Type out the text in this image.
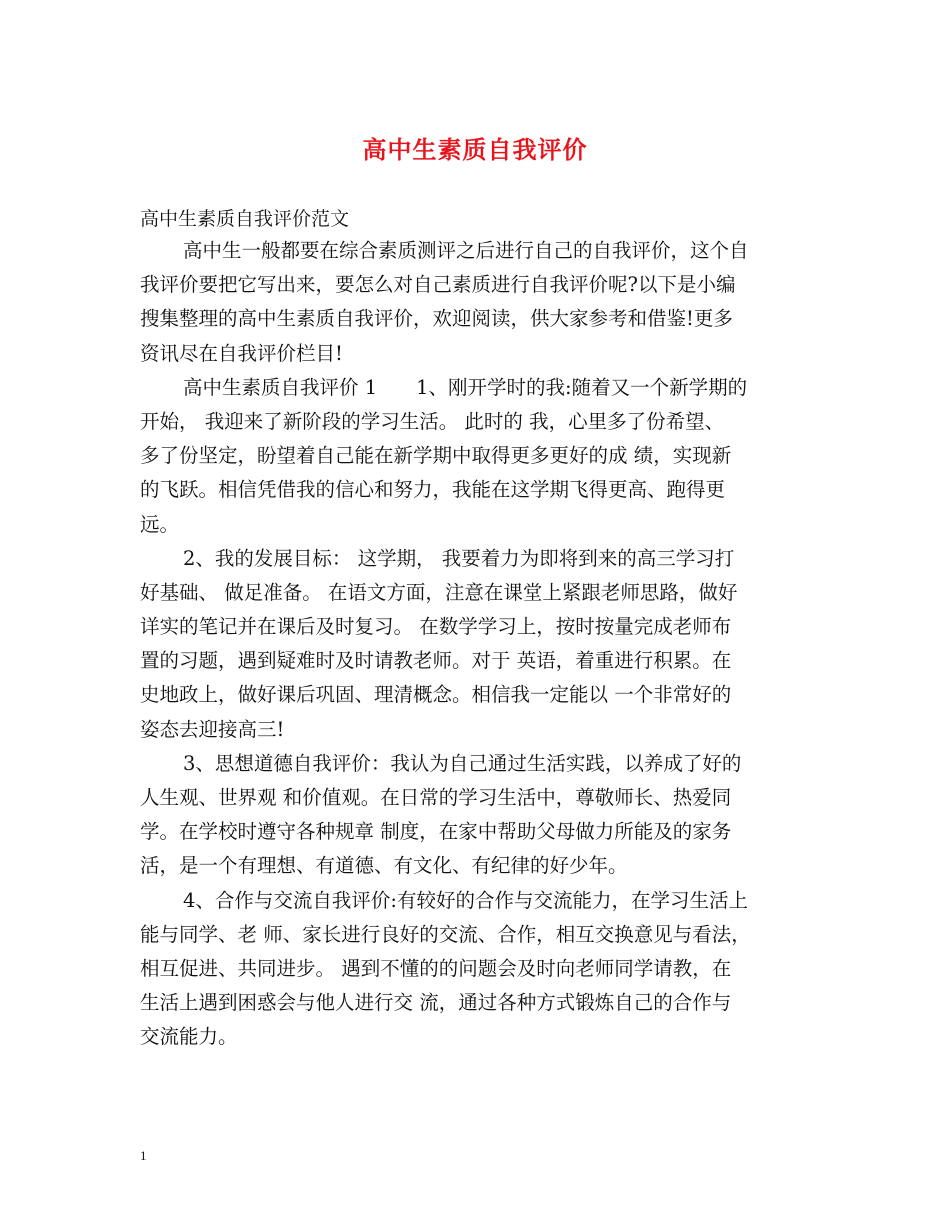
高中生素质自我评价
高中生素质自我评价范文
高中生一般都要在综合素质测评之后进行自己的自我评价，这个自
我评价要把它写出来，要怎么对自己素质进行自我评价呢?以下是小编
搜集整理的高中生素质自我评价，欢迎阅读，供大家参考和借鉴!更多
资讯尽在自我评价栏目!
高中生素质自我评价 1　　1、刚开学时的我:随着又一个新学期的
开始， 我迎来了新阶段的学习生活。 此时的 我，心里多了份希望、
多了份坚定，盼望着自己能在新学期中取得更多更好的成 绩，实现新
的飞跃。相信凭借我的信心和努力，我能在这学期飞得更高、跑得更
远。
2、我的发展目标： 这学期， 我要着力为即将到来的高三学习打
好基础、 做足准备。 在语文方面，注意在课堂上紧跟老师思路，做好
详实的笔记并在课后及时复习。 在数学学习上，按时按量完成老师布
置的习题，遇到疑难时及时请教老师。对于 英语，着重进行积累。在
史地政上，做好课后巩固、理清概念。相信我一定能以 一个非常好的
姿态去迎接高三!
3、思想道德自我评价：我认为自己通过生活实践，以养成了好的
人生观、世界观 和价值观。在日常的学习生活中，尊敬师长、热爱同
学。在学校时遵守各种规章 制度，在家中帮助父母做力所能及的家务
活，是一个有理想、有道德、有文化、有纪律的好少年。
4、合作与交流自我评价:有较好的合作与交流能力，在学习生活上
能与同学、老 师、家长进行良好的交流、合作，相互交换意见与看法，
相互促进、共同进步。 遇到不懂的的问题会及时向老师同学请教，在
生活上遇到困惑会与他人进行交 流，通过各种方式锻炼自己的合作与
交流能力。
1
